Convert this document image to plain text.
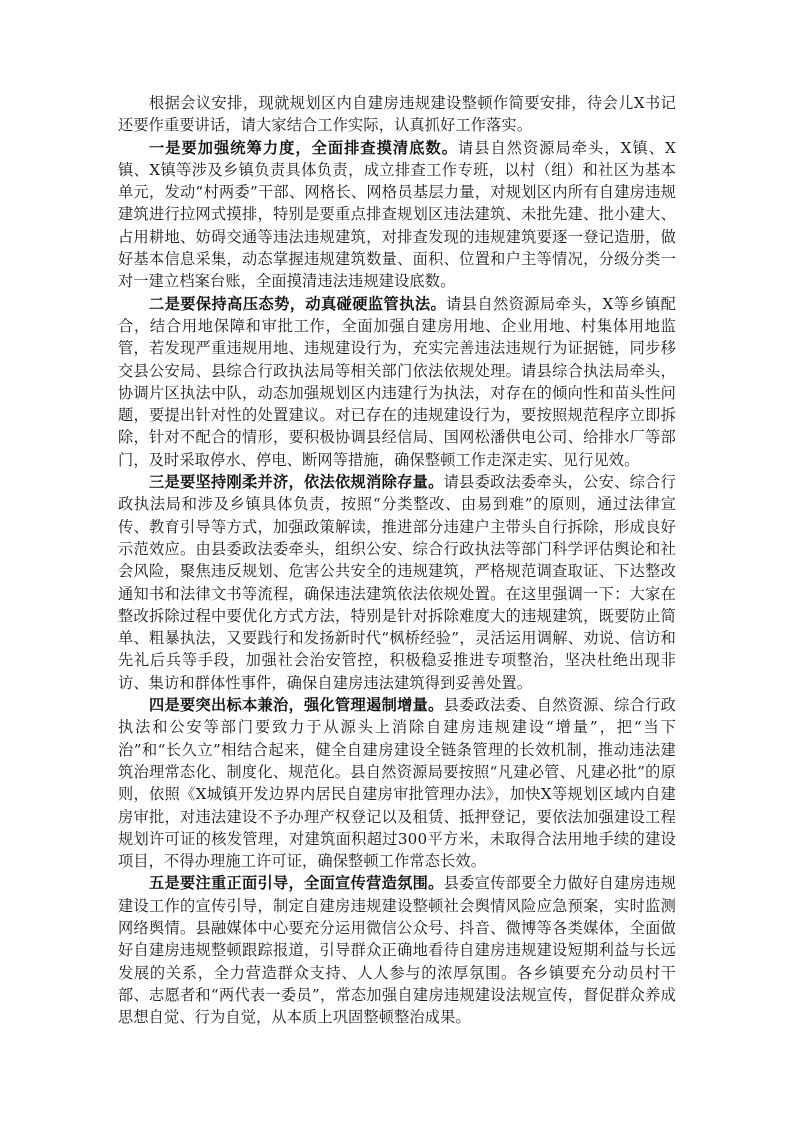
根据会议安排，现就规划区内自建房违规建设整顿作简要安排，待会儿X书记还要作重要讲话，请大家结合工作实际，认真抓好工作落实。

一是要加强统筹力度，全面排查摸清底数。请县自然资源局牵头，X镇、X镇、X镇等涉及乡镇负责具体负责，成立排查工作专班，以村（组）和社区为基本单元，发动“村两委”干部、网格长、网格员基层力量，对规划区内所有自建房违规建筑进行拉网式摸排，特别是要重点排查规划区违法建筑、未批先建、批小建大、占用耕地、妨碍交通等违法违规建筑，对排查发现的违规建筑要逐一登记造册，做好基本信息采集，动态掌握违规建筑数量、面积、位置和户主等情况，分级分类一对一建立档案台账，全面摸清违法违规建设底数。

二是要保持高压态势，动真碰硬监管执法。请县自然资源局牵头，X等乡镇配合，结合用地保障和审批工作，全面加强自建房用地、企业用地、村集体用地监管，若发现严重违规用地、违规建设行为，充实完善违法违规行为证据链，同步移交县公安局、县综合行政执法局等相关部门依法依规处理。请县综合执法局牵头，协调片区执法中队，动态加强规划区内违建行为执法，对存在的倾向性和苗头性问题，要提出针对性的处置建议。对已存在的违规建设行为，要按照规范程序立即拆除，针对不配合的情形，要积极协调县经信局、国网松潘供电公司、给排水厂等部门，及时采取停水、停电、断网等措施，确保整顿工作走深走实、见行见效。

三是要坚持刚柔并济，依法依规消除存量。请县委政法委牵头，公安、综合行政执法局和涉及乡镇具体负责，按照“分类整改、由易到难”的原则，通过法律宣传、教育引导等方式，加强政策解读，推进部分违建户主带头自行拆除，形成良好示范效应。由县委政法委牵头，组织公安、综合行政执法等部门科学评估舆论和社会风险，聚焦违反规划、危害公共安全的违规建筑，严格规范调查取证、下达整改通知书和法律文书等流程，确保违法建筑依法依规处置。在这里强调一下：大家在整改拆除过程中要优化方式方法，特别是针对拆除难度大的违规建筑，既要防止简单、粗暴执法，又要践行和发扬新时代“枫桥经验”，灵活运用调解、劝说、信访和先礼后兵等手段，加强社会治安管控，积极稳妥推进专项整治，坚决杜绝出现非访、集访和群体性事件，确保自建房违法建筑得到妥善处置。

四是要突出标本兼治，强化管理遏制增量。县委政法委、自然资源、综合行政执法和公安等部门要致力于从源头上消除自建房违规建设“增量”，把“当下治”和“长久立”相结合起来，健全自建房建设全链条管理的长效机制，推动违法建筑治理常态化、制度化、规范化。县自然资源局要按照“凡建必管、凡建必批”的原则，依照《X城镇开发边界内居民自建房审批管理办法》，加快X等规划区域内自建房审批，对违法建设不予办理产权登记以及租赁、抵押登记，要依法加强建设工程规划许可证的核发管理，对建筑面积超过300平方米，未取得合法用地手续的建设项目，不得办理施工许可证，确保整顿工作常态长效。

五是要注重正面引导，全面宣传营造氛围。县委宣传部要全力做好自建房违规建设工作的宣传引导，制定自建房违规建设整顿社会舆情风险应急预案，实时监测网络舆情。县融媒体中心要充分运用微信公众号、抖音、微博等各类媒体，全面做好自建房违规整顿跟踪报道，引导群众正确地看待自建房违规建设短期利益与长远发展的关系，全力营造群众支持、人人参与的浓厚氛围。各乡镇要充分动员村干部、志愿者和“两代表一委员”，常态加强自建房违规建设法规宣传，督促群众养成思想自觉、行为自觉，从本质上巩固整顿整治成果。
